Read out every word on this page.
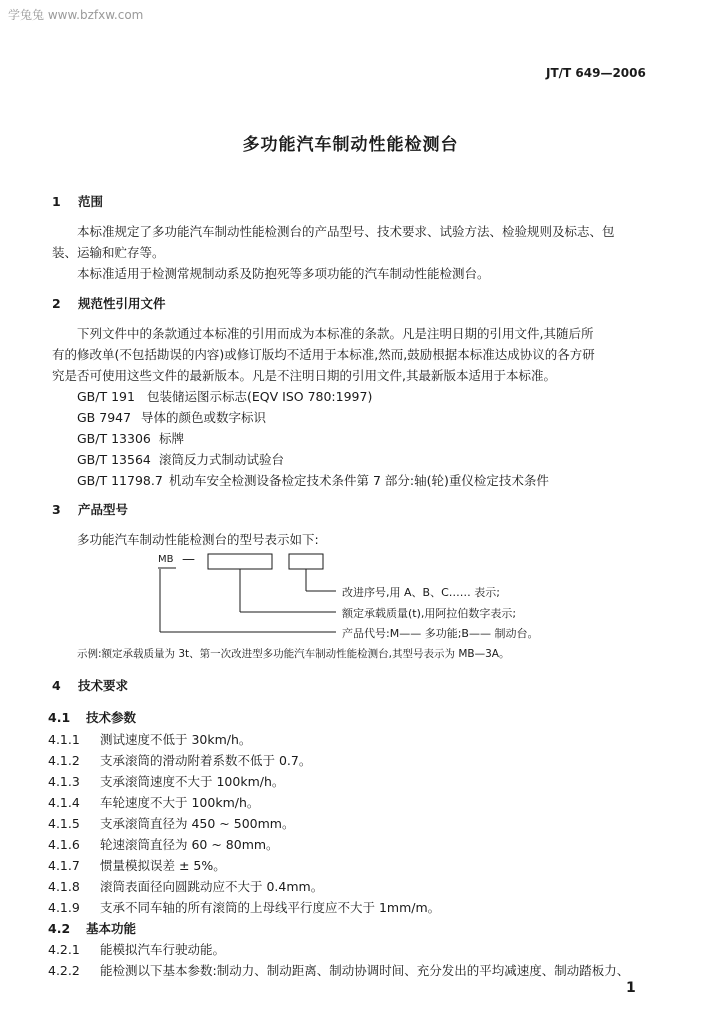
学兔兔 www.bzfxw.com
JT/T 649—2006
多功能汽车制动性能检测台
1 范围
本标准规定了多功能汽车制动性能检测台的产品型号、技术要求、试验方法、检验规则及标志、包
装、运输和贮存等。
本标准适用于检测常规制动系及防抱死等多项功能的汽车制动性能检测台。
2 规范性引用文件
下列文件中的条款通过本标准的引用而成为本标准的条款。凡是注明日期的引用文件,其随后所
有的修改单(不包括勘误的内容)或修订版均不适用于本标准,然而,鼓励根据本标准达成协议的各方研
究是否可使用这些文件的最新版本。凡是不注明日期的引用文件,其最新版本适用于本标准。
GB/T 191 包装储运图示标志(EQV ISO 780:1997)
GB 7947 导体的颜色或数字标识
GB/T 13306 标牌
GB/T 13564 滚筒反力式制动试验台
GB/T 11798.7 机动车安全检测设备检定技术条件第 7 部分:轴(轮)重仪检定技术条件
3 产品型号
多功能汽车制动性能检测台的型号表示如下:
MB —
改进序号,用 A、B、C…… 表示;
额定承载质量(t),用阿拉伯数字表示;
产品代号:M—— 多功能;B—— 制动台。
示例:额定承载质量为 3t、第一次改进型多功能汽车制动性能检测台,其型号表示为 MB—3A。
4 技术要求
4.1 技术参数
4.1.1 测试速度不低于 30km/h。
4.1.2 支承滚筒的滑动附着系数不低于 0.7。
4.1.3 支承滚筒速度不大于 100km/h。
4.1.4 车轮速度不大于 100km/h。
4.1.5 支承滚筒直径为 450 ~ 500mm。
4.1.6 轮速滚筒直径为 60 ~ 80mm。
4.1.7 惯量模拟误差 ± 5%。
4.1.8 滚筒表面径向圆跳动应不大于 0.4mm。
4.1.9 支承不同车轴的所有滚筒的上母线平行度应不大于 1mm/m。
4.2 基本功能
4.2.1 能模拟汽车行驶动能。
4.2.2 能检测以下基本参数:制动力、制动距离、制动协调时间、充分发出的平均减速度、制动踏板力、
1
